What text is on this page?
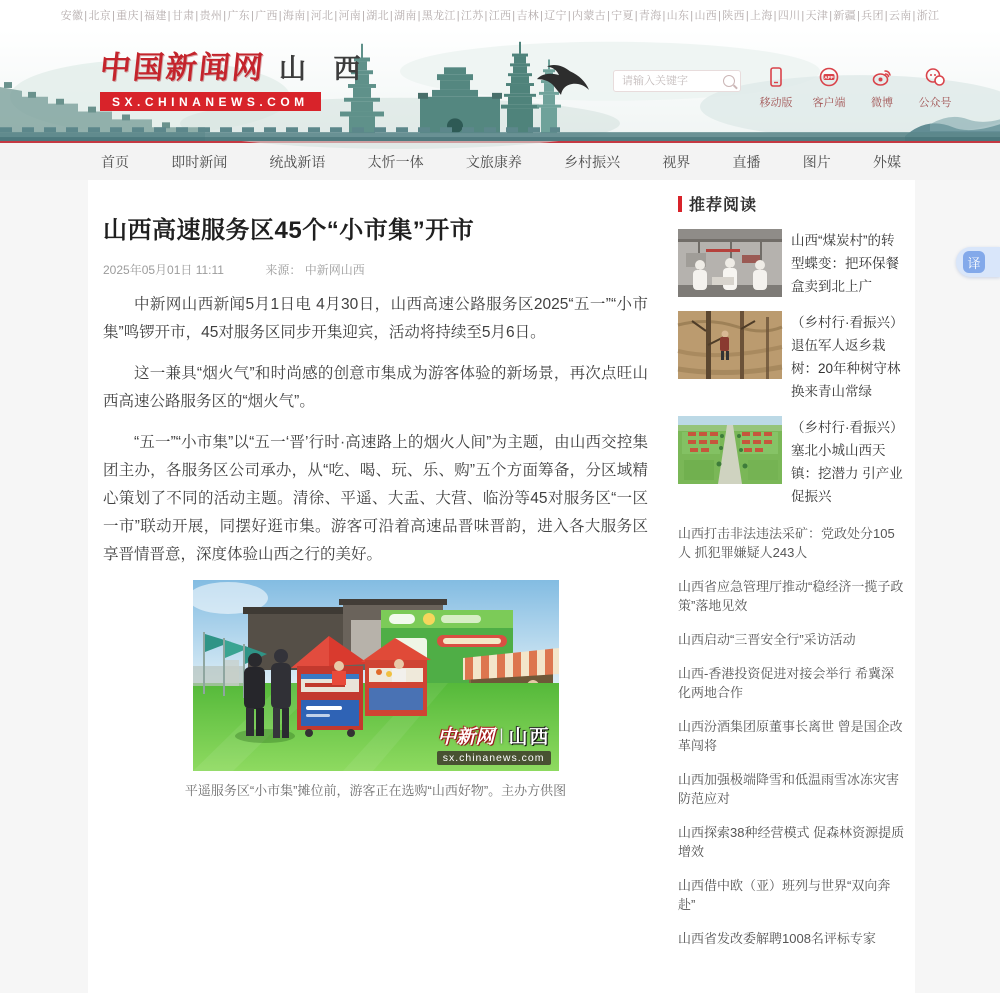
安徽|北京|重庆|福建|甘肃|贵州|广东|广西|海南|河北|河南|湖北|湖南|黑龙江|江苏|江西|吉林|辽宁|内蒙古|宁夏|青海|山东|山西|陕西|上海|四川|天津|新疆|兵团|云南|浙江
中国新闻网 山 西
SX.CHINANEWS.COM
请输入关键字	移动版
APP
客户端 微博 公众号
首页	即时新闻	统战新语	太忻一体	文旅康养	乡村振兴	视界	直播	图片	外媒
山西高速服务区45个“小市集”开市
2025年05月01日 11:11	来源： 中新网山西

中新网山西新闻5月1日电 4月30日，山西高速公路服务区2025“五一”“小市集”鸣锣开市，45对服务区同步开集迎宾，活动将持续至5月6日。

这一兼具“烟火气”和时尚感的创意市集成为游客体验的新场景，再次点旺山西高速公路服务区的“烟火气”。

“五一”“小市集”以“五一‘晋’行时·高速路上的烟火人间”为主题，由山西交控集团主办，各服务区公司承办，从“吃、喝、玩、乐、购”五个方面筹备，分区域精心策划了不同的活动主题。清徐、平遥、大盂、大营、临汾等45对服务区“一区一市”联动开展，同摆好逛市集。游客可沿着高速品晋味晋韵，进入各大服务区享晋情晋意，深度体验山西之行的美好。

中新网 | 山西
sx.chinanews.com
平遥服务区“小市集”摊位前，游客正在选购“山西好物”。主办方供图
推荐阅读
山西“煤炭村”的转型蝶变：把环保餐盒卖到北上广
（乡村行·看振兴）退伍军人返乡栽树：20年种树守林 换来青山常绿
（乡村行·看振兴）塞北小城山西天镇：挖潜力 引产业 促振兴
山西打击非法违法采矿：党政处分105人 抓犯罪嫌疑人243人
山西省应急管理厅推动“稳经济一揽子政策”落地见效
山西启动“三晋安全行”采访活动
山西-香港投资促进对接会举行 希冀深化两地合作
山西汾酒集团原董事长离世 曾是国企改革闯将
山西加强极端降雪和低温雨雪冰冻灾害防范应对
山西探索38种经营模式 促森林资源提质增效
山西借中欧（亚）班列与世界“双向奔赴”
山西省发改委解聘1008名评标专家
译
